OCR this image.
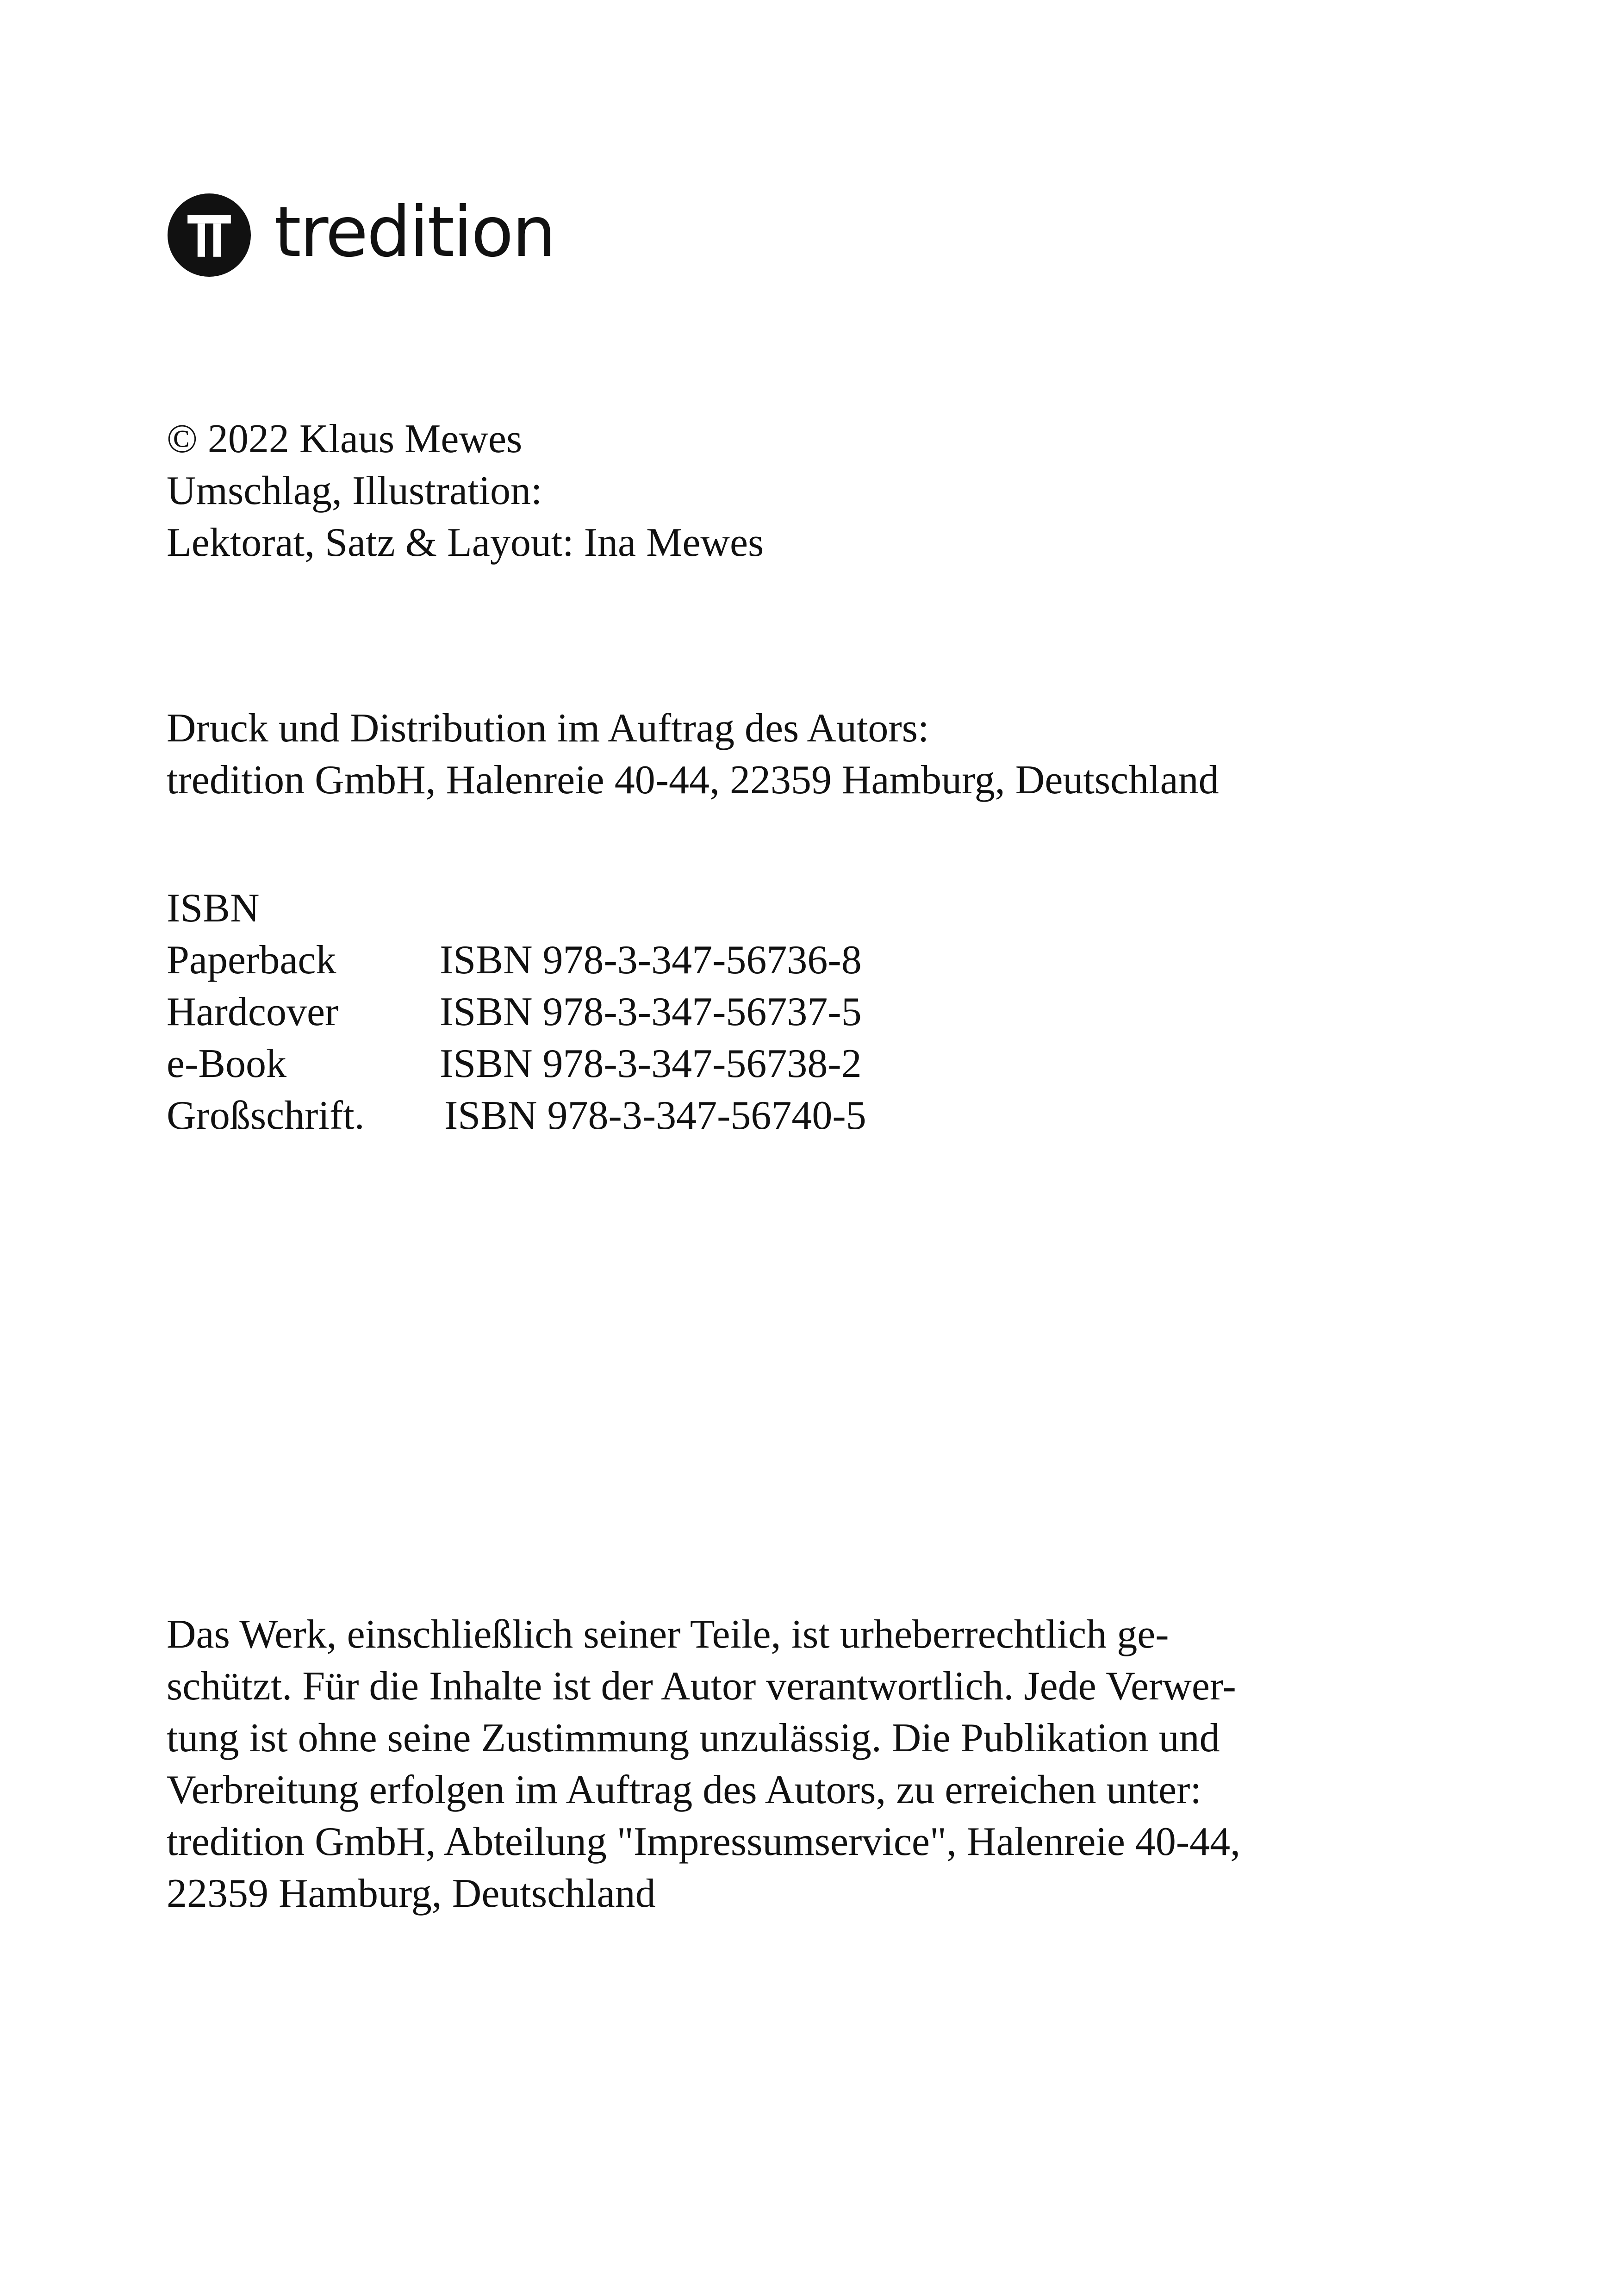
tredition

© 2022 Klaus Mewes

Umschlag, Illustration:

Lektorat, Satz & Layout: Ina Mewes

Druck und Distribution im Auftrag des Autors:

tredition GmbH, Halenreie 40-44, 22359 Hamburg, Deutschland

ISBN

Paperback	ISBN 978-3-347-56736-8
Hardcover	ISBN 978-3-347-56737-5
e-Book	ISBN 978-3-347-56738-2
Großschrift.	ISBN 978-3-347-56740-5

Das Werk, einschließlich seiner Teile, ist urheberrechtlich ge-

schützt. Für die Inhalte ist der Autor verantwortlich. Jede Verwer-

tung ist ohne seine Zustimmung unzulässig. Die Publikation und

Verbreitung erfolgen im Auftrag des Autors, zu erreichen unter:

tredition GmbH, Abteilung "Impressumservice", Halenreie 40-44,

22359 Hamburg, Deutschland
